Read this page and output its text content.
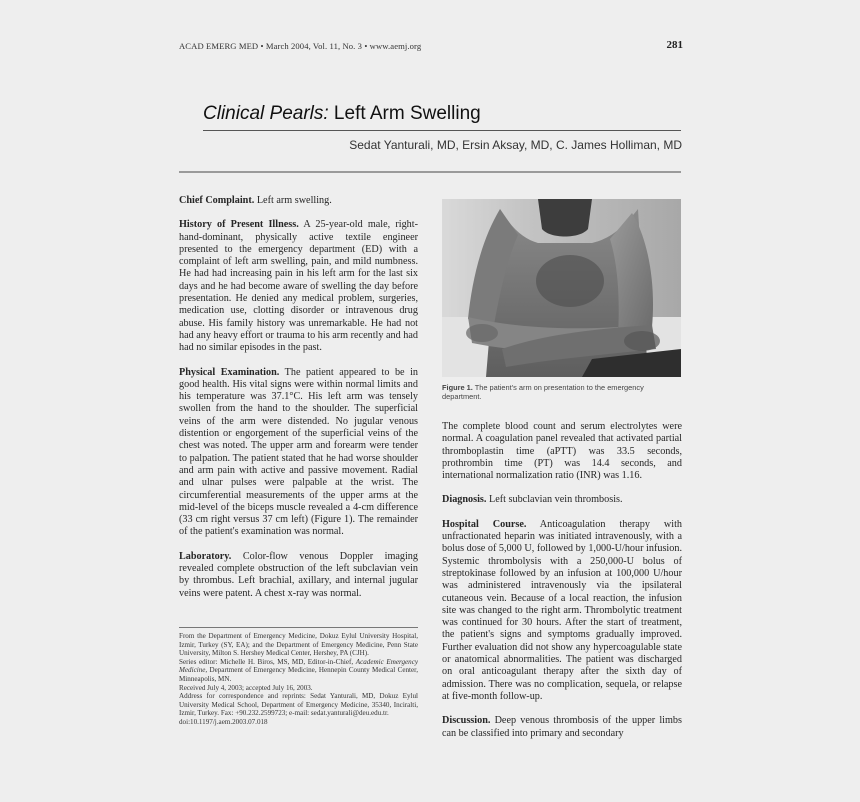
ACAD EMERG MED • March 2004, Vol. 11, No. 3 • www.aemj.org	281
Clinical Pearls: Left Arm Swelling
Sedat Yanturali, MD, Ersin Aksay, MD, C. James Holliman, MD

Chief Complaint. Left arm swelling.

History of Present Illness. A 25-year-old male, right-hand-dominant, physically active textile engineer presented to the emergency department (ED) with a complaint of left arm swelling, pain, and mild numbness. He had had increasing pain in his left arm for the last six days and he had become aware of swelling the day before presentation. He denied any medical problem, surgeries, medication use, clotting disorder or intravenous drug abuse. His family history was unremarkable. He had not had any heavy effort or trauma to his arm recently and had had no similar episodes in the past.

Physical Examination. The patient appeared to be in good health. His vital signs were within normal limits and his temperature was 37.1°C. His left arm was tensely swollen from the hand to the shoulder. The superficial veins of the arm were distended. No jugular venous distention or engorgement of the superficial veins of the chest was noted. The upper arm and forearm were tender to palpation. The patient stated that he had worse shoulder and arm pain with active and passive movement. Radial and ulnar pulses were palpable at the wrist. The circumferential measurements of the upper arms at the mid-level of the biceps muscle revealed a 4-cm difference (33 cm right versus 37 cm left) (Figure 1). The remainder of the patient's examination was normal.

Laboratory. Color-flow venous Doppler imaging revealed complete obstruction of the left subclavian vein by thrombus. Left brachial, axillary, and internal jugular veins were patent. A chest x-ray was normal.

From the Department of Emergency Medicine, Dokuz Eylul University Hospital, Izmir, Turkey (SY, EA); and the Department of Emergency Medicine, Penn State University, Milton S. Hershey Medical Center, Hershey, PA (CJH).
Series editor: Michelle H. Biros, MS, MD, Editor-in-Chief, Academic Emergency Medicine, Department of Emergency Medicine, Hennepin County Medical Center, Minneapolis, MN.
Received July 4, 2003; accepted July 16, 2003.
Address for correspondence and reprints: Sedat Yanturali, MD, Dokuz Eylul University Medical School, Department of Emergency Medicine, 35340, Inciralti, Izmir, Turkey. Fax: +90.232.2599723; e-mail: sedat.yanturali@deu.edu.tr.
doi:10.1197/j.aem.2003.07.018
Figure 1. The patient's arm on presentation to the emergency department.

The complete blood count and serum electrolytes were normal. A coagulation panel revealed that activated partial thromboplastin time (aPTT) was 33.5 seconds, prothrombin time (PT) was 14.4 seconds, and international normalization ratio (INR) was 1.16.

Diagnosis. Left subclavian vein thrombosis.

Hospital Course. Anticoagulation therapy with unfractionated heparin was initiated intravenously, with a bolus dose of 5,000 U, followed by 1,000-U/hour infusion. Systemic thrombolysis with a 250,000-U bolus of streptokinase followed by an infusion at 100,000 U/hour was administered intravenously via the ipsilateral cutaneous vein. Because of a local reaction, the infusion site was changed to the right arm. Thrombolytic treatment was continued for 30 hours. After the start of treatment, the patient's signs and symptoms gradually improved. Further evaluation did not show any hypercoagulable state or anatomical abnormalities. The patient was discharged on oral anticoagulant therapy after the sixth day of admission. There was no complication, sequela, or relapse at five-month follow-up.

Discussion. Deep venous thrombosis of the upper limbs can be classified into primary and secondary
